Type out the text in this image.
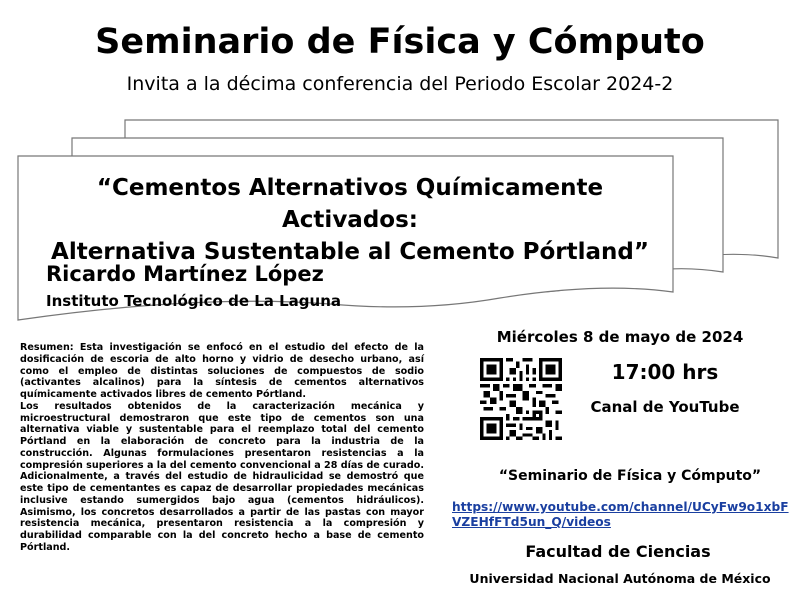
Seminario de Física y Cómputo
Invita a la décima conferencia del Periodo Escolar 2024-2
“Cementos Alternativos Químicamente Activados:
Alternativa Sustentable al Cemento Pórtland”
Ricardo Martínez López
Instituto Tecnológico de La Laguna

Resumen: Esta investigación se enfocó en el estudio del efecto de la dosificación de escoria de alto horno y vidrio de desecho urbano, así como el empleo de distintas soluciones de compuestos de sodio (activantes alcalinos) para la síntesis de cementos alternativos químicamente activados libres de cemento Pórtland.

Los resultados obtenidos de la caracterización mecánica y microestructural demostraron que este tipo de cementos son una alternativa viable y sustentable para el reemplazo total del cemento Pórtland en la elaboración de concreto para la industria de la construcción. Algunas formulaciones presentaron resistencias a la compresión superiores a la del cemento convencional a 28 días de curado. Adicionalmente, a través del estudio de hidraulicidad se demostró que este tipo de cementantes es capaz de desarrollar propiedades mecánicas inclusive estando sumergidos bajo agua (cementos hidráulicos). Asimismo, los concretos desarrollados a partir de las pastas con mayor resistencia mecánica, presentaron resistencia a la compresión y durabilidad comparable con la del concreto hecho a base de cemento Pórtland.

Miércoles 8 de mayo de 2024
17:00 hrs
Canal de YouTube
“Seminario de Física y Cómputo”
https://www.youtube.com/channel/UCyFw9o1xbFVZEHfFTd5un_Q/videos
Facultad de Ciencias
Universidad Nacional Autónoma de México
